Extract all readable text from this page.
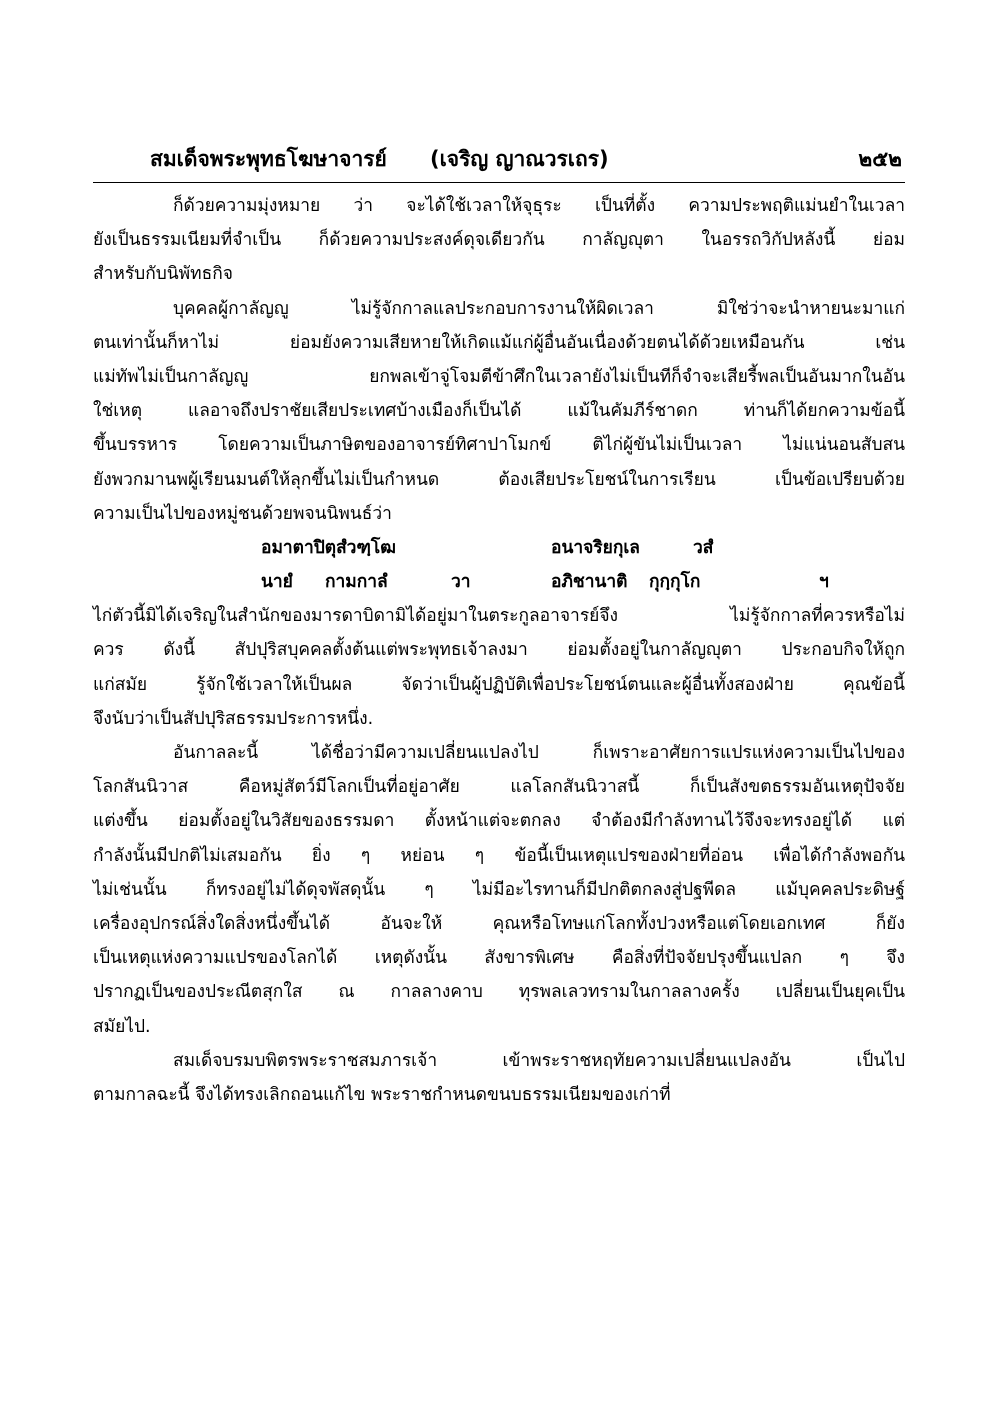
สมเด็จพระพุทธโฆษาจารย์ (เจริญ ญาณวรเถร)	๒๕๒
ก็ด้วยความมุ่งหมาย ว่า จะได้ใช้เวลาให้จุธุระ เป็นที่ตั้ง ความประพฤติแม่นยำในเวลา
ยังเป็นธรรมเนียมที่จำเป็น ก็ด้วยความประสงค์ดุจเดียวกัน กาลัญญุตา ในอรรถวิกัปหลังนี้ ย่อม
สำหรับกับนิพัทธกิจ
บุคคลผู้กาลัญญู ไม่รู้จักกาลแลประกอบการงานให้ผิดเวลา มิใช่ว่าจะนำหายนะมาแก่
ตนเท่านั้นก็หาไม่ ย่อมยังความเสียหายให้เกิดแม้แก่ผู้อื่นอันเนื่องด้วยตนได้ด้วยเหมือนกัน เช่น
แม่ทัพไม่เป็นกาลัญญู ยกพลเข้าจู่โจมตีข้าศึกในเวลายังไม่เป็นทีก็จำจะเสียรี้พลเป็นอันมากในอัน
ใช่เหตุ แลอาจถึงปราชัยเสียประเทศบ้างเมืองก็เป็นได้ แม้ในคัมภีร์ชาดก ท่านก็ได้ยกความข้อนี้
ขึ้นบรรหาร โดยความเป็นภาษิตของอาจารย์ทิศาปาโมกข์ ติไก่ผู้ขันไม่เป็นเวลา ไม่แน่นอนสับสน
ยังพวกมานพผู้เรียนมนต์ให้ลุกขึ้นไม่เป็นกำหนด ต้องเสียประโยชน์ในการเรียน เป็นข้อเปรียบด้วย
ความเป็นไปของหมู่ชนด้วยพจนนิพนธ์ว่า
อมาตาปิตุสํวฑฺโฒ	อนาจริยกุเล	วสํ
นายํ กามกาลํ	วา	อภิชานาติ กุกฺกุโก	ฯ
ไก่ตัวนี้มิได้เจริญในสำนักของมารดาบิดามิได้อยู่มาในตระกูลอาจารย์จึง ไม่รู้จักกาลที่ควรหรือไม่
ควร ดังนี้ สัปปุริสบุคคลตั้งต้นแต่พระพุทธเจ้าลงมา ย่อมตั้งอยู่ในกาลัญญุตา ประกอบกิจให้ถูก
แก่สมัย รู้จักใช้เวลาให้เป็นผล จัดว่าเป็นผู้ปฏิบัติเพื่อประโยชน์ตนและผู้อื่นทั้งสองฝ่าย คุณข้อนี้
จึงนับว่าเป็นสัปปุริสธรรมประการหนึ่ง.
อันกาลละนี้ ได้ชื่อว่ามีความเปลี่ยนแปลงไป ก็เพราะอาศัยการแปรแห่งความเป็นไปของ
โลกสันนิวาส คือหมู่สัตว์มีโลกเป็นที่อยู่อาศัย แลโลกสันนิวาสนี้ ก็เป็นสังขตธรรมอันเหตุปัจจัย
แต่งขึ้น ย่อมตั้งอยู่ในวิสัยของธรรมดา ตั้งหน้าแต่จะตกลง จำต้องมีกำลังทานไว้จึงจะทรงอยู่ได้ แต่
กำลังนั้นมีปกติไม่เสมอกัน ยิ่ง ๆ หย่อน ๆ ข้อนี้เป็นเหตุแปรของฝ่ายที่อ่อน เพื่อได้กำลังพอกัน
ไม่เช่นนั้น ก็ทรงอยู่ไม่ได้ดุจพัสดุนั้น ๆ ไม่มีอะไรทานก็มีปกติตกลงสู่ปฐพีดล แม้บุคคลประดิษฐ์
เครื่องอุปกรณ์สิ่งใดสิ่งหนึ่งขึ้นได้ อันจะให้ คุณหรือโทษแก่โลกทั้งปวงหรือแต่โดยเอกเทศ ก็ยัง
เป็นเหตุแห่งความแปรของโลกได้ เหตุดังนั้น สังขารพิเศษ คือสิ่งที่ปัจจัยปรุงขึ้นแปลก ๆ จึง
ปรากฏเป็นของประณีตสุกใส ณ กาลลางคาบ ทุรพลเลวทรามในกาลลางครั้ง เปลี่ยนเป็นยุคเป็น
สมัยไป.
สมเด็จบรมบพิตรพระราชสมภารเจ้า เข้าพระราชหฤทัยความเปลี่ยนแปลงอัน เป็นไป
ตามกาลฉะนี้ จึงได้ทรงเลิกถอนแก้ไข พระราชกำหนดขนบธรรมเนียมของเก่าที่
